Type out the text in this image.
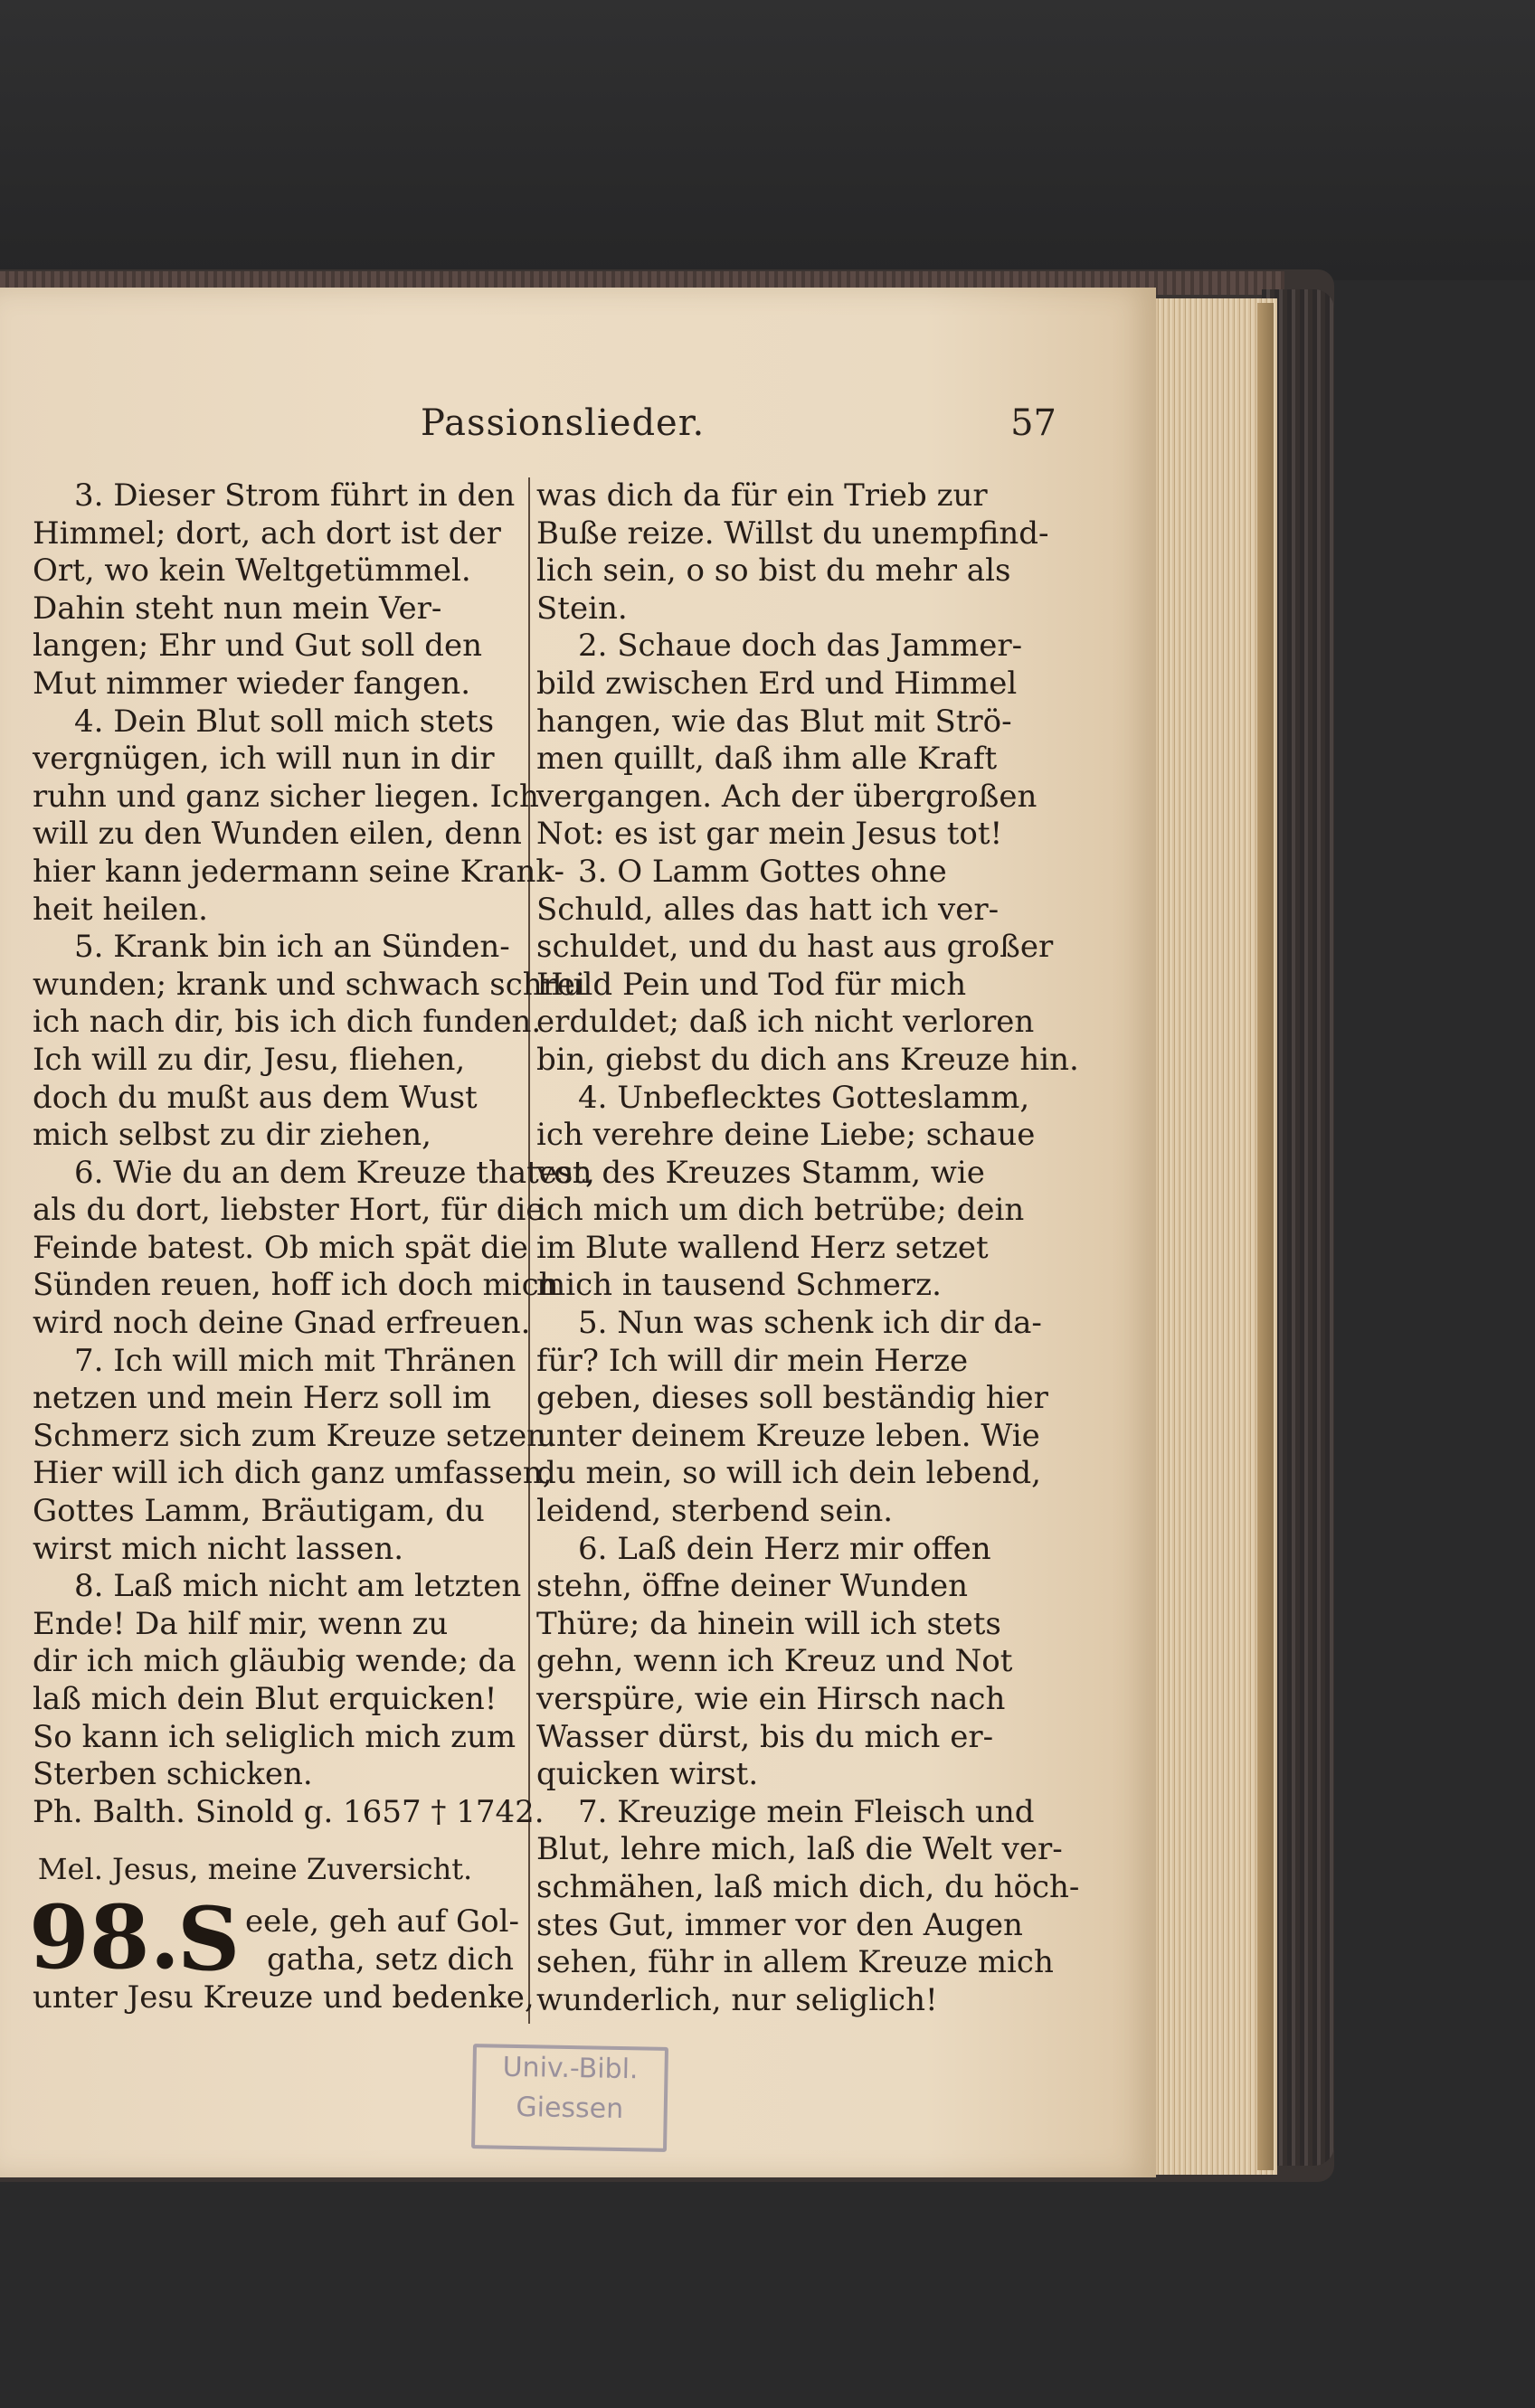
Passionslieder.	57
3. Dieser Strom führt in den
Himmel; dort, ach dort ist der
Ort, wo kein Weltgetümmel.
Dahin steht nun mein Ver-
langen; Ehr und Gut soll den
Mut nimmer wieder fangen.
4. Dein Blut soll mich stets
vergnügen, ich will nun in dir
ruhn und ganz sicher liegen. Ich
will zu den Wunden eilen, denn
hier kann jedermann seine Krank-
heit heilen.
5. Krank bin ich an Sünden-
wunden; krank und schwach schrei
ich nach dir, bis ich dich funden.
Ich will zu dir, Jesu, fliehen,
doch du mußt aus dem Wust
mich selbst zu dir ziehen,
6. Wie du an dem Kreuze thatest,
als du dort, liebster Hort, für die
Feinde batest. Ob mich spät die
Sünden reuen, hoff ich doch mich
wird noch deine Gnad erfreuen.
7. Ich will mich mit Thränen
netzen und mein Herz soll im
Schmerz sich zum Kreuze setzen.
Hier will ich dich ganz umfassen,
Gottes Lamm, Bräutigam, du
wirst mich nicht lassen.
8. Laß mich nicht am letzten
Ende! Da hilf mir, wenn zu
dir ich mich gläubig wende; da
laß mich dein Blut erquicken!
So kann ich seliglich mich zum
Sterben schicken.
Ph. Balth. Sinold g. 1657 † 1742.
Mel. Jesus, meine Zuversicht.
98.
S eele, geh auf Gol-
gatha, setz dich
unter Jesu Kreuze und bedenke,
was dich da für ein Trieb zur
Buße reize. Willst du unempfind-
lich sein, o so bist du mehr als
Stein.
2. Schaue doch das Jammer-
bild zwischen Erd und Himmel
hangen, wie das Blut mit Strö-
men quillt, daß ihm alle Kraft
vergangen. Ach der übergroßen
Not: es ist gar mein Jesus tot!
3. O Lamm Gottes ohne
Schuld, alles das hatt ich ver-
schuldet, und du hast aus großer
Huld Pein und Tod für mich
erduldet; daß ich nicht verloren
bin, giebst du dich ans Kreuze hin.
4. Unbeflecktes Gotteslamm,
ich verehre deine Liebe; schaue
von des Kreuzes Stamm, wie
ich mich um dich betrübe; dein
im Blute wallend Herz setzet
mich in tausend Schmerz.
5. Nun was schenk ich dir da-
für? Ich will dir mein Herze
geben, dieses soll beständig hier
unter deinem Kreuze leben. Wie
du mein, so will ich dein lebend,
leidend, sterbend sein.
6. Laß dein Herz mir offen
stehn, öffne deiner Wunden
Thüre; da hinein will ich stets
gehn, wenn ich Kreuz und Not
verspüre, wie ein Hirsch nach
Wasser dürst, bis du mich er-
quicken wirst.
7. Kreuzige mein Fleisch und
Blut, lehre mich, laß die Welt ver-
schmähen, laß mich dich, du höch-
stes Gut, immer vor den Augen
sehen, führ in allem Kreuze mich
wunderlich, nur seliglich!
Univ.-Bibl.
Giessen
